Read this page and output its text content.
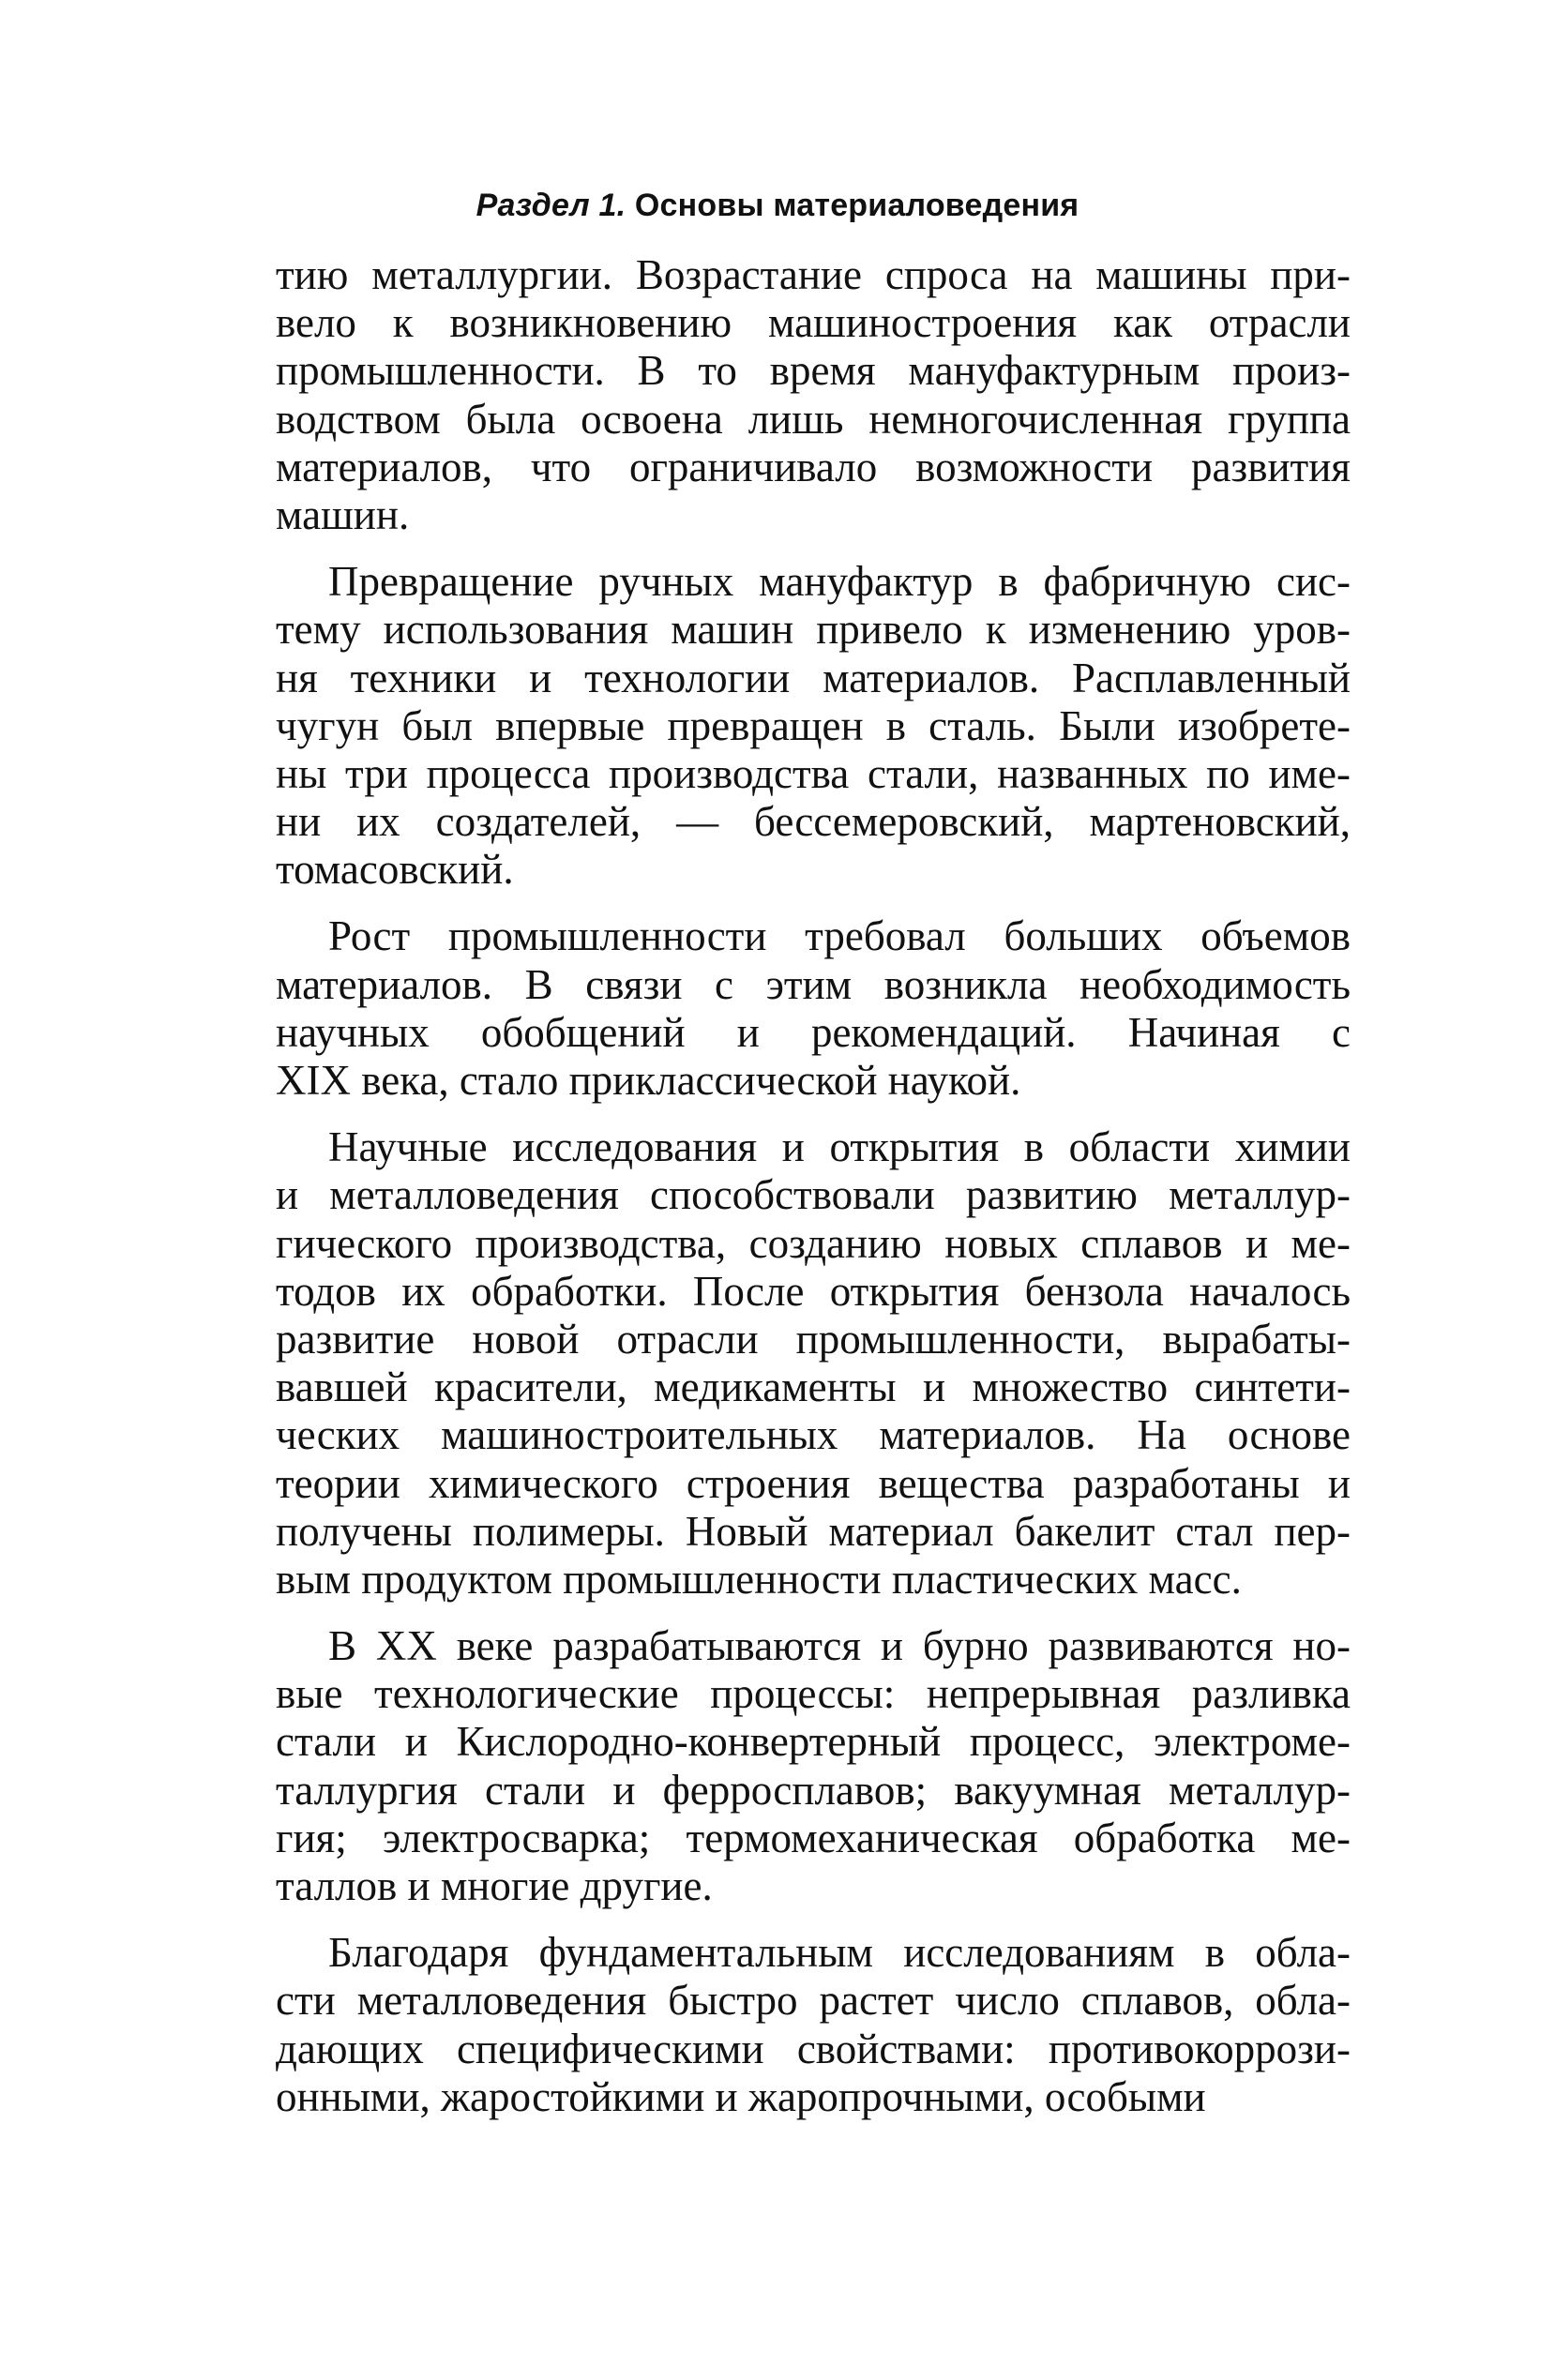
Раздел 1. Основы материаловедения
тию металлургии. Возрастание спроса на машины при-
вело к возникновению машиностроения как отрасли
промышленности. В то время мануфактурным произ-
водством была освоена лишь немногочисленная группа
материалов, что ограничивало возможности развития
машин.
Превращение ручных мануфактур в фабричную сис-
тему использования машин привело к изменению уров-
ня техники и технологии материалов. Расплавленный
чугун был впервые превращен в сталь. Были изобрете-
ны три процесса производства стали, названных по име-
ни их создателей, — бессемеровский, мартеновский,
томасовский.
Рост промышленности требовал больших объемов
материалов. В связи с этим возникла необходимость
научных обобщений и рекомендаций. Начиная с
XIX века, стало приклассической наукой.
Научные исследования и открытия в области химии
и металловедения способствовали развитию металлур-
гического производства, созданию новых сплавов и ме-
тодов их обработки. После открытия бензола началось
развитие новой отрасли промышленности, вырабаты-
вавшей красители, медикаменты и множество синтети-
ческих машиностроительных материалов. На основе
теории химического строения вещества разработаны и
получены полимеры. Новый материал бакелит стал пер-
вым продуктом промышленности пластических масс.
В XX веке разрабатываются и бурно развиваются но-
вые технологические процессы: непрерывная разливка
стали и Кислородно-конвертерный процесс, электроме-
таллургия стали и ферросплавов; вакуумная металлур-
гия; электросварка; термомеханическая обработка ме-
таллов и многие другие.
Благодаря фундаментальным исследованиям в обла-
сти металловедения быстро растет число сплавов, обла-
дающих специфическими свойствами: противокоррози-
онными, жаростойкими и жаропрочными, особыми
